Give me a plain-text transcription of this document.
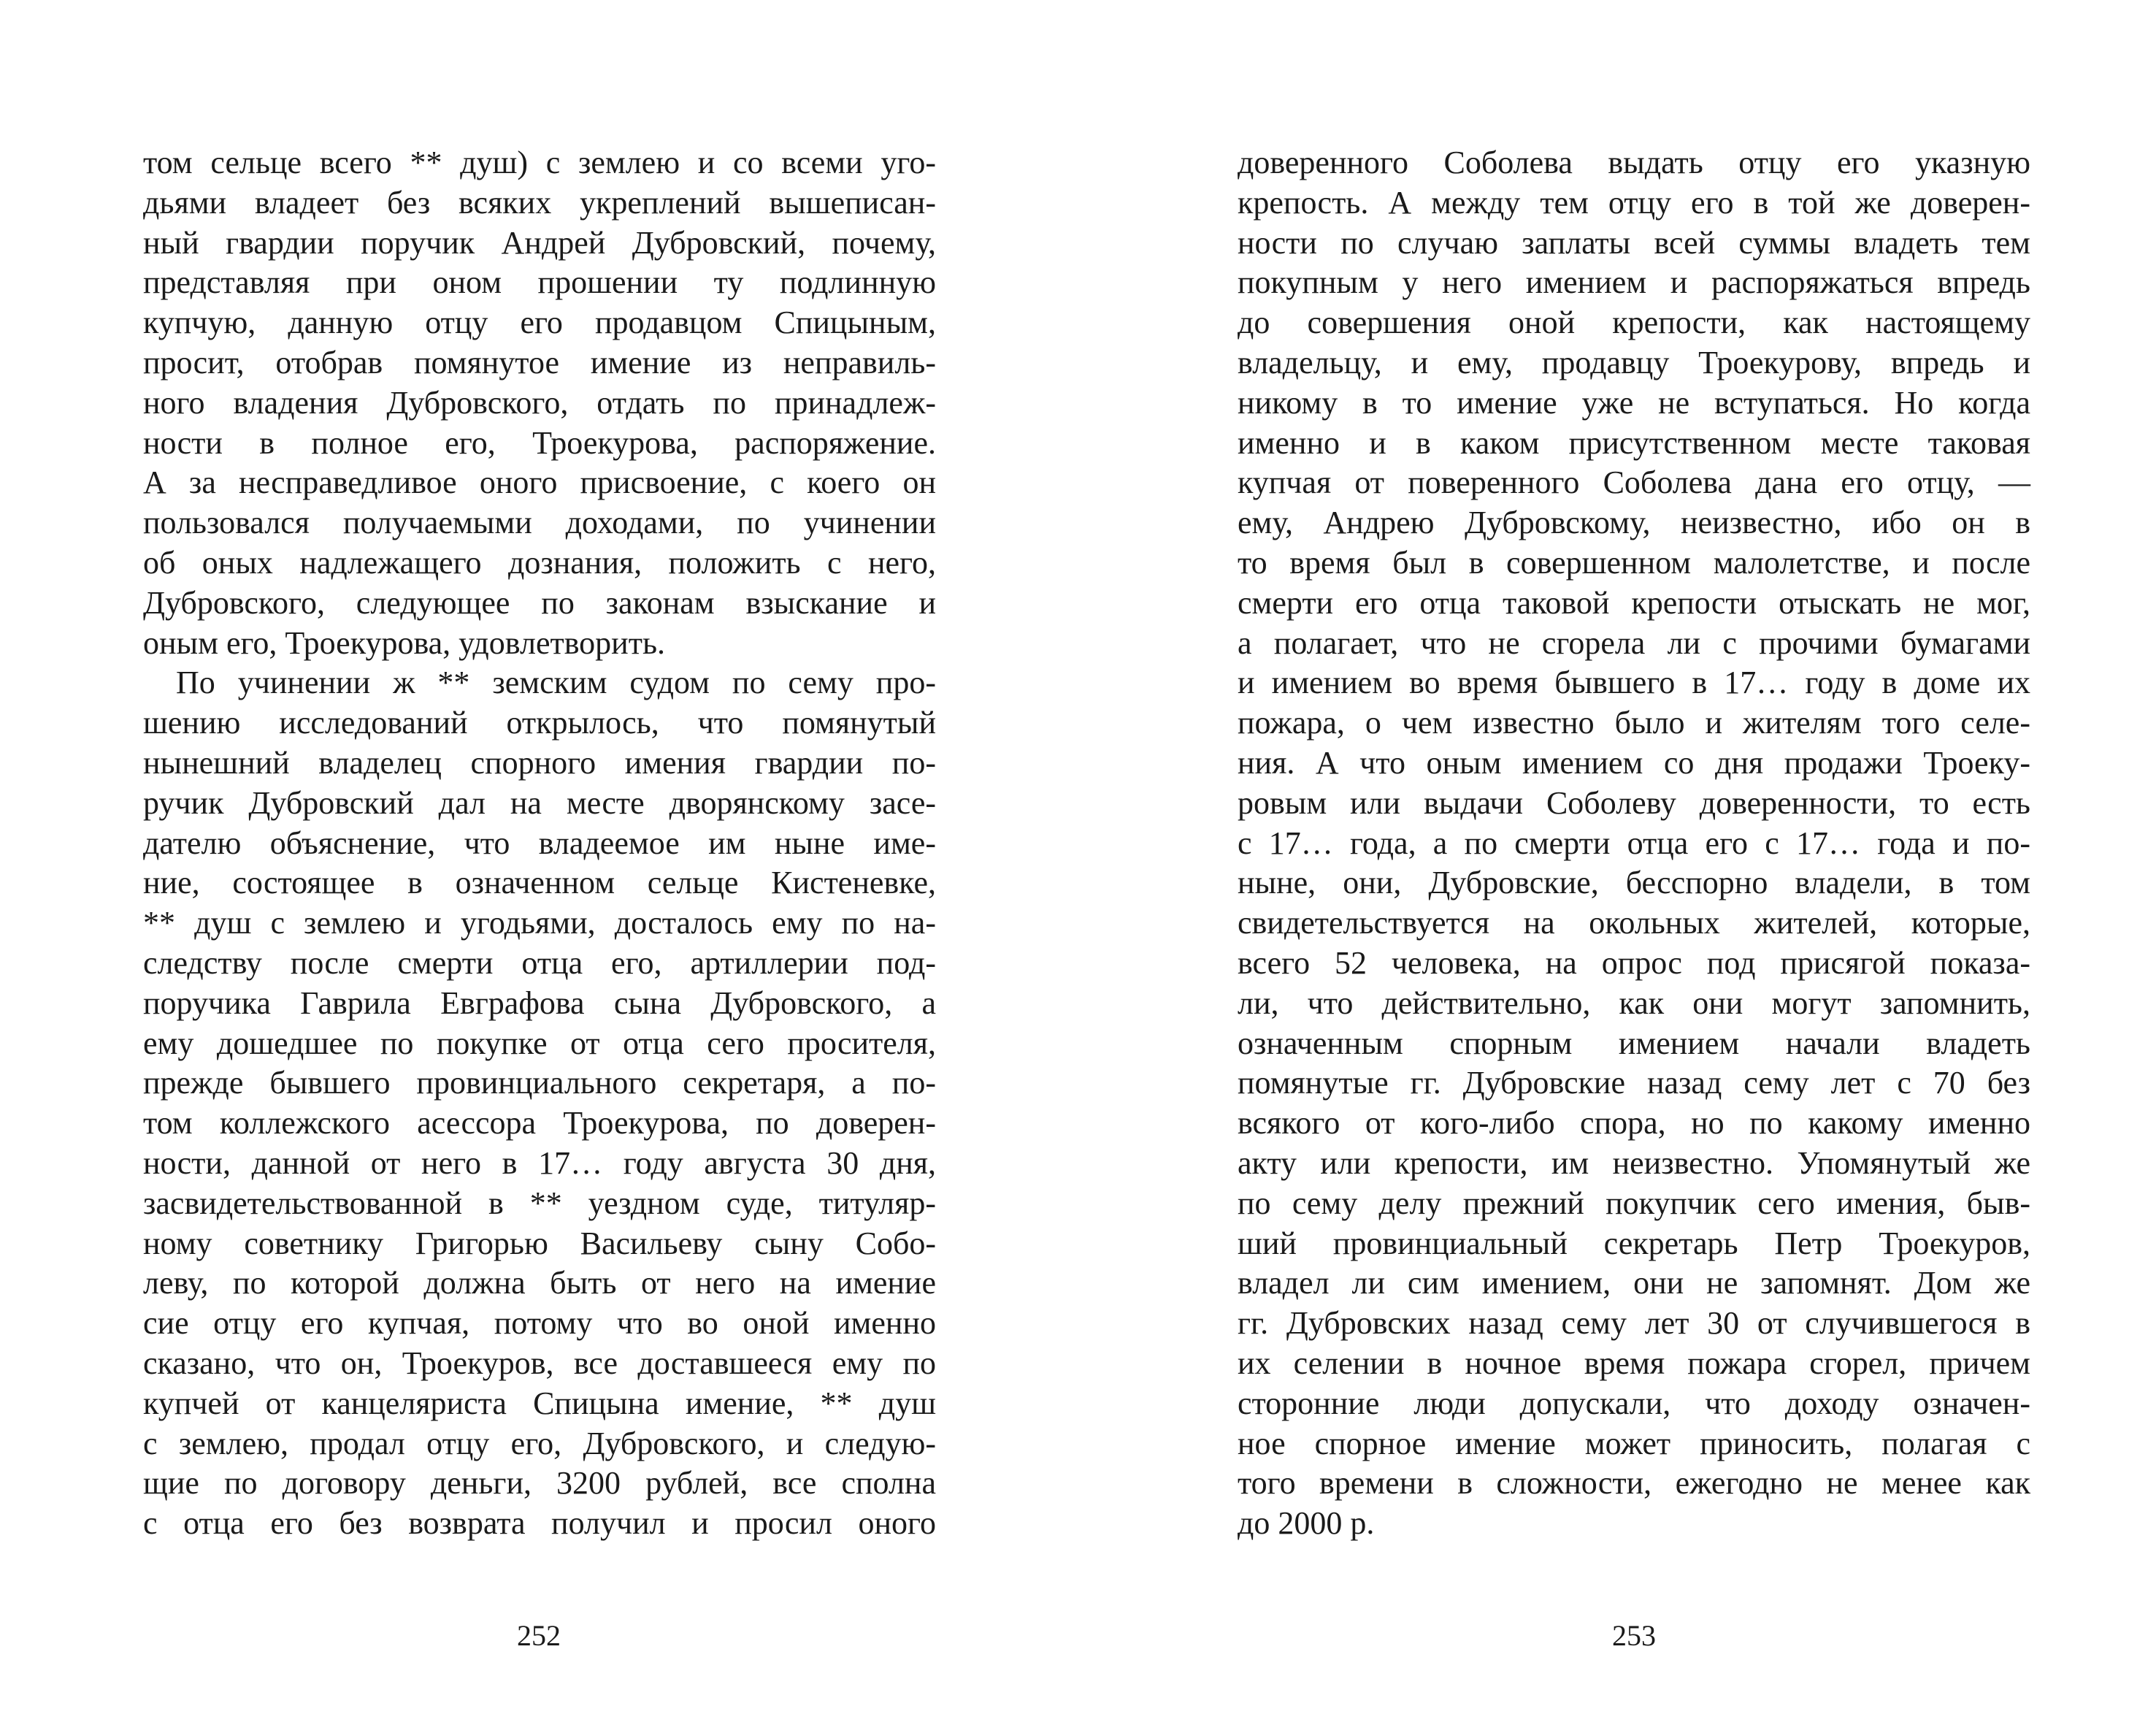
том сельце всего ** душ) с землею и со всеми уго-
дьями владеет без всяких укреплений вышеписан-
ный гвардии поручик Андрей Дубровский, почему,
представляя при оном прошении ту подлинную
купчую, данную отцу его продавцом Спицыным,
просит, отобрав помянутое имение из неправиль-
ного владения Дубровского, отдать по принадлеж-
ности в полное его, Троекурова, распоряжение.
А за несправедливое оного присвоение, с коего он
пользовался получаемыми доходами, по учинении
об оных надлежащего дознания, положить с него,
Дубровского, следующее по законам взыскание и
оным его, Троекурова, удовлетворить.
По учинении ж ** земским судом по сему про-
шению исследований открылось, что помянутый
нынешний владелец спорного имения гвардии по-
ручик Дубровский дал на месте дворянскому засе-
дателю объяснение, что владеемое им ныне име-
ние, состоящее в означенном сельце Кистеневке,
** душ с землею и угодьями, досталось ему по на-
следству после смерти отца его, артиллерии под-
поручика Гаврила Евграфова сына Дубровского, а
ему дошедшее по покупке от отца сего просителя,
прежде бывшего провинциального секретаря, а по-
том коллежского асессора Троекурова, по доверен-
ности, данной от него в 17… году августа 30 дня,
засвидетельствованной в ** уездном суде, титуляр-
ному советнику Григорью Васильеву сыну Собо-
леву, по которой должна быть от него на имение
сие отцу его купчая, потому что во оной именно
сказано, что он, Троекуров, все доставшееся ему по
купчей от канцеляриста Спицына имение, ** душ
с землею, продал отцу его, Дубровского, и следую-
щие по договору деньги, 3200 рублей, все сполна
с отца его без возврата получил и просил оного
252
доверенного Соболева выдать отцу его указную
крепость. А между тем отцу его в той же доверен-
ности по случаю заплаты всей суммы владеть тем
покупным у него имением и распоряжаться впредь
до совершения оной крепости, как настоящему
владельцу, и ему, продавцу Троекурову, впредь и
никому в то имение уже не вступаться. Но когда
именно и в каком присутственном месте таковая
купчая от поверенного Соболева дана его отцу, —
ему, Андрею Дубровскому, неизвестно, ибо он в
то время был в совершенном малолетстве, и после
смерти его отца таковой крепости отыскать не мог,
а полагает, что не сгорела ли с прочими бумагами
и имением во время бывшего в 17… году в доме их
пожара, о чем известно было и жителям того селе-
ния. А что оным имением со дня продажи Троеку-
ровым или выдачи Соболеву доверенности, то есть
с 17… года, а по смерти отца его с 17… года и по-
ныне, они, Дубровские, бесспорно владели, в том
свидетельствуется на окольных жителей, которые,
всего 52 человека, на опрос под присягой показа-
ли, что действительно, как они могут запомнить,
означенным спорным имением начали владеть
помянутые гг. Дубровские назад сему лет с 70 без
всякого от кого-либо спора, но по какому именно
акту или крепости, им неизвестно. Упомянутый же
по сему делу прежний покупчик сего имения, быв-
ший провинциальный секретарь Петр Троекуров,
владел ли сим имением, они не запомнят. Дом же
гг. Дубровских назад сему лет 30 от случившегося в
их селении в ночное время пожара сгорел, причем
сторонние люди допускали, что доходу означен-
ное спорное имение может приносить, полагая с
того времени в сложности, ежегодно не менее как
до 2000 р.
253
